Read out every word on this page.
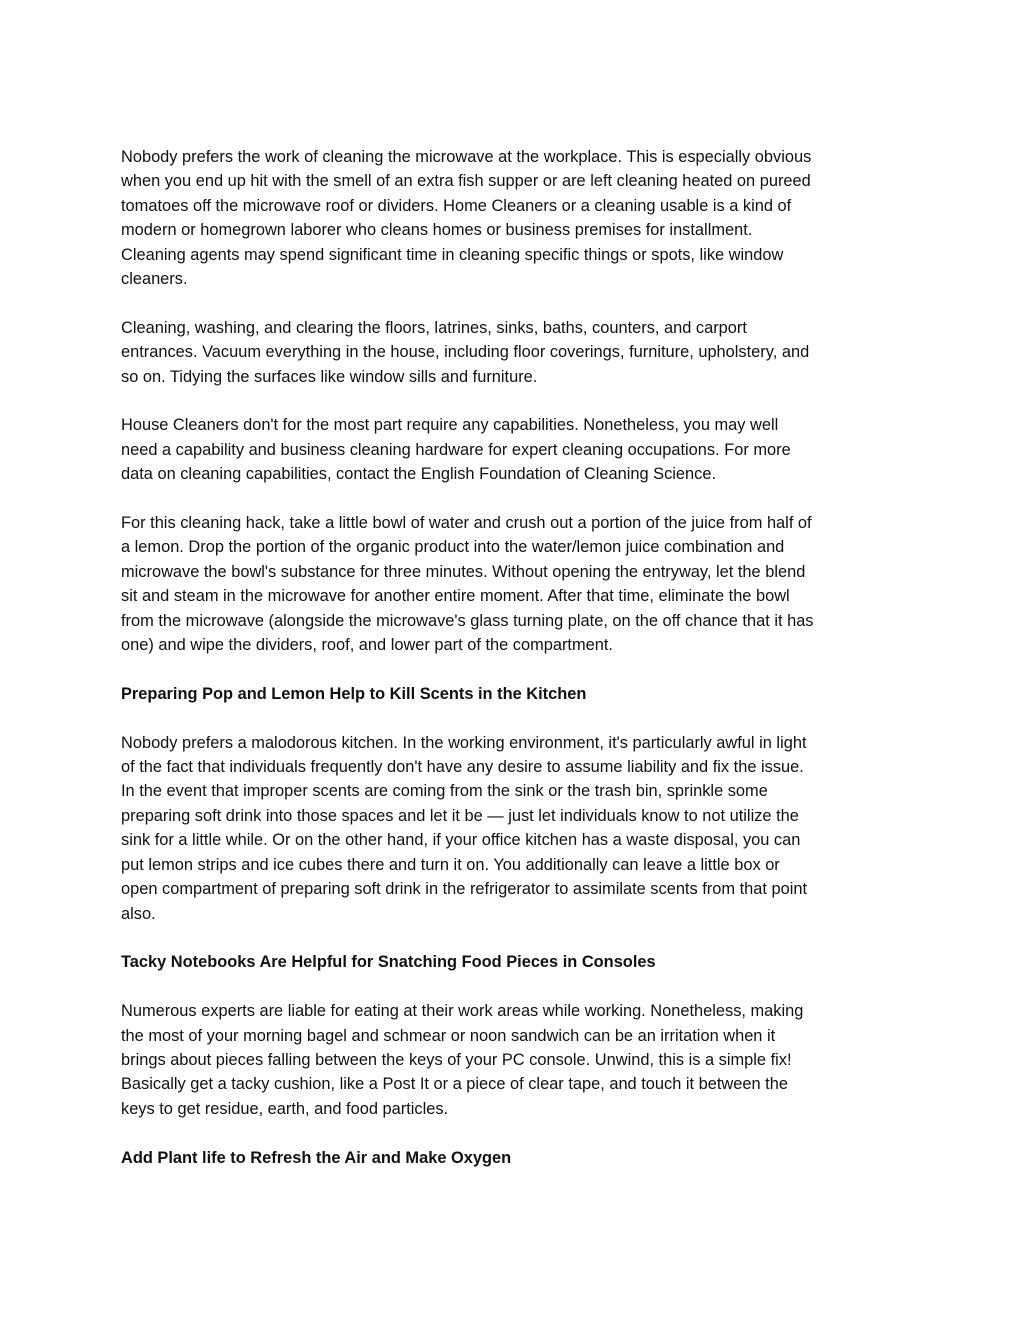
Nobody prefers the work of cleaning the microwave at the workplace. This is especially obvious
when you end up hit with the smell of an extra fish supper or are left cleaning heated on pureed
tomatoes off the microwave roof or dividers. Home Cleaners or a cleaning usable is a kind of
modern or homegrown laborer who cleans homes or business premises for installment.
Cleaning agents may spend significant time in cleaning specific things or spots, like window
cleaners.
Cleaning, washing, and clearing the floors, latrines, sinks, baths, counters, and carport
entrances. Vacuum everything in the house, including floor coverings, furniture, upholstery, and
so on. Tidying the surfaces like window sills and furniture.
House Cleaners don't for the most part require any capabilities. Nonetheless, you may well
need a capability and business cleaning hardware for expert cleaning occupations. For more
data on cleaning capabilities, contact the English Foundation of Cleaning Science.
For this cleaning hack, take a little bowl of water and crush out a portion of the juice from half of
a lemon. Drop the portion of the organic product into the water/lemon juice combination and
microwave the bowl's substance for three minutes. Without opening the entryway, let the blend
sit and steam in the microwave for another entire moment. After that time, eliminate the bowl
from the microwave (alongside the microwave's glass turning plate, on the off chance that it has
one) and wipe the dividers, roof, and lower part of the compartment.
Preparing Pop and Lemon Help to Kill Scents in the Kitchen
Nobody prefers a malodorous kitchen. In the working environment, it's particularly awful in light
of the fact that individuals frequently don't have any desire to assume liability and fix the issue.
In the event that improper scents are coming from the sink or the trash bin, sprinkle some
preparing soft drink into those spaces and let it be — just let individuals know to not utilize the
sink for a little while. Or on the other hand, if your office kitchen has a waste disposal, you can
put lemon strips and ice cubes there and turn it on. You additionally can leave a little box or
open compartment of preparing soft drink in the refrigerator to assimilate scents from that point
also.
Tacky Notebooks Are Helpful for Snatching Food Pieces in Consoles
Numerous experts are liable for eating at their work areas while working. Nonetheless, making
the most of your morning bagel and schmear or noon sandwich can be an irritation when it
brings about pieces falling between the keys of your PC console. Unwind, this is a simple fix!
Basically get a tacky cushion, like a Post It or a piece of clear tape, and touch it between the
keys to get residue, earth, and food particles.
Add Plant life to Refresh the Air and Make Oxygen
